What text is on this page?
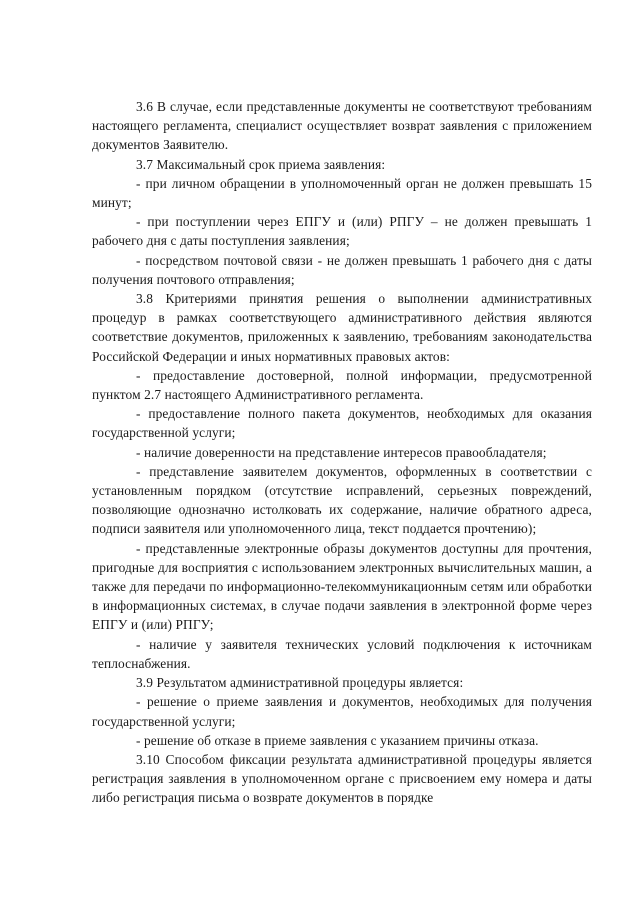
3.6 В случае, если представленные документы не соответствуют требованиям настоящего регламента, специалист осуществляет возврат заявления с приложением документов Заявителю.

3.7 Максимальный срок приема заявления:

- при личном обращении в уполномоченный орган не должен превышать 15 минут;

- при поступлении через ЕПГУ и (или) РПГУ – не должен превышать 1 рабочего дня с даты поступления заявления;

- посредством почтовой связи - не должен превышать 1 рабочего дня с даты получения почтового отправления;

3.8 Критериями принятия решения о выполнении административных процедур в рамках соответствующего административного действия являются соответствие документов, приложенных к заявлению, требованиям законодательства Российской Федерации и иных нормативных правовых актов:

- предоставление достоверной, полной информации, предусмотренной пунктом 2.7 настоящего Административного регламента.

- предоставление полного пакета документов, необходимых для оказания государственной услуги;

- наличие доверенности на представление интересов правообладателя;

- представление заявителем документов, оформленных в соответствии с установленным порядком (отсутствие исправлений, серьезных повреждений, позволяющие однозначно истолковать их содержание, наличие обратного адреса, подписи заявителя или уполномоченного лица, текст поддается прочтению);

- представленные электронные образы документов доступны для прочтения, пригодные для восприятия с использованием электронных вычислительных машин, а также для передачи по информационно-телекоммуникационным сетям или обработки в информационных системах, в случае подачи заявления в электронной форме через ЕПГУ и (или) РПГУ;

- наличие у заявителя технических условий подключения к источникам теплоснабжения.

3.9 Результатом административной процедуры является:

- решение о приеме заявления и документов, необходимых для получения государственной услуги;

- решение об отказе в приеме заявления с указанием причины отказа.

3.10 Способом фиксации результата административной процедуры является регистрация заявления в уполномоченном органе с присвоением ему номера и даты либо регистрация письма о возврате документов в порядке
